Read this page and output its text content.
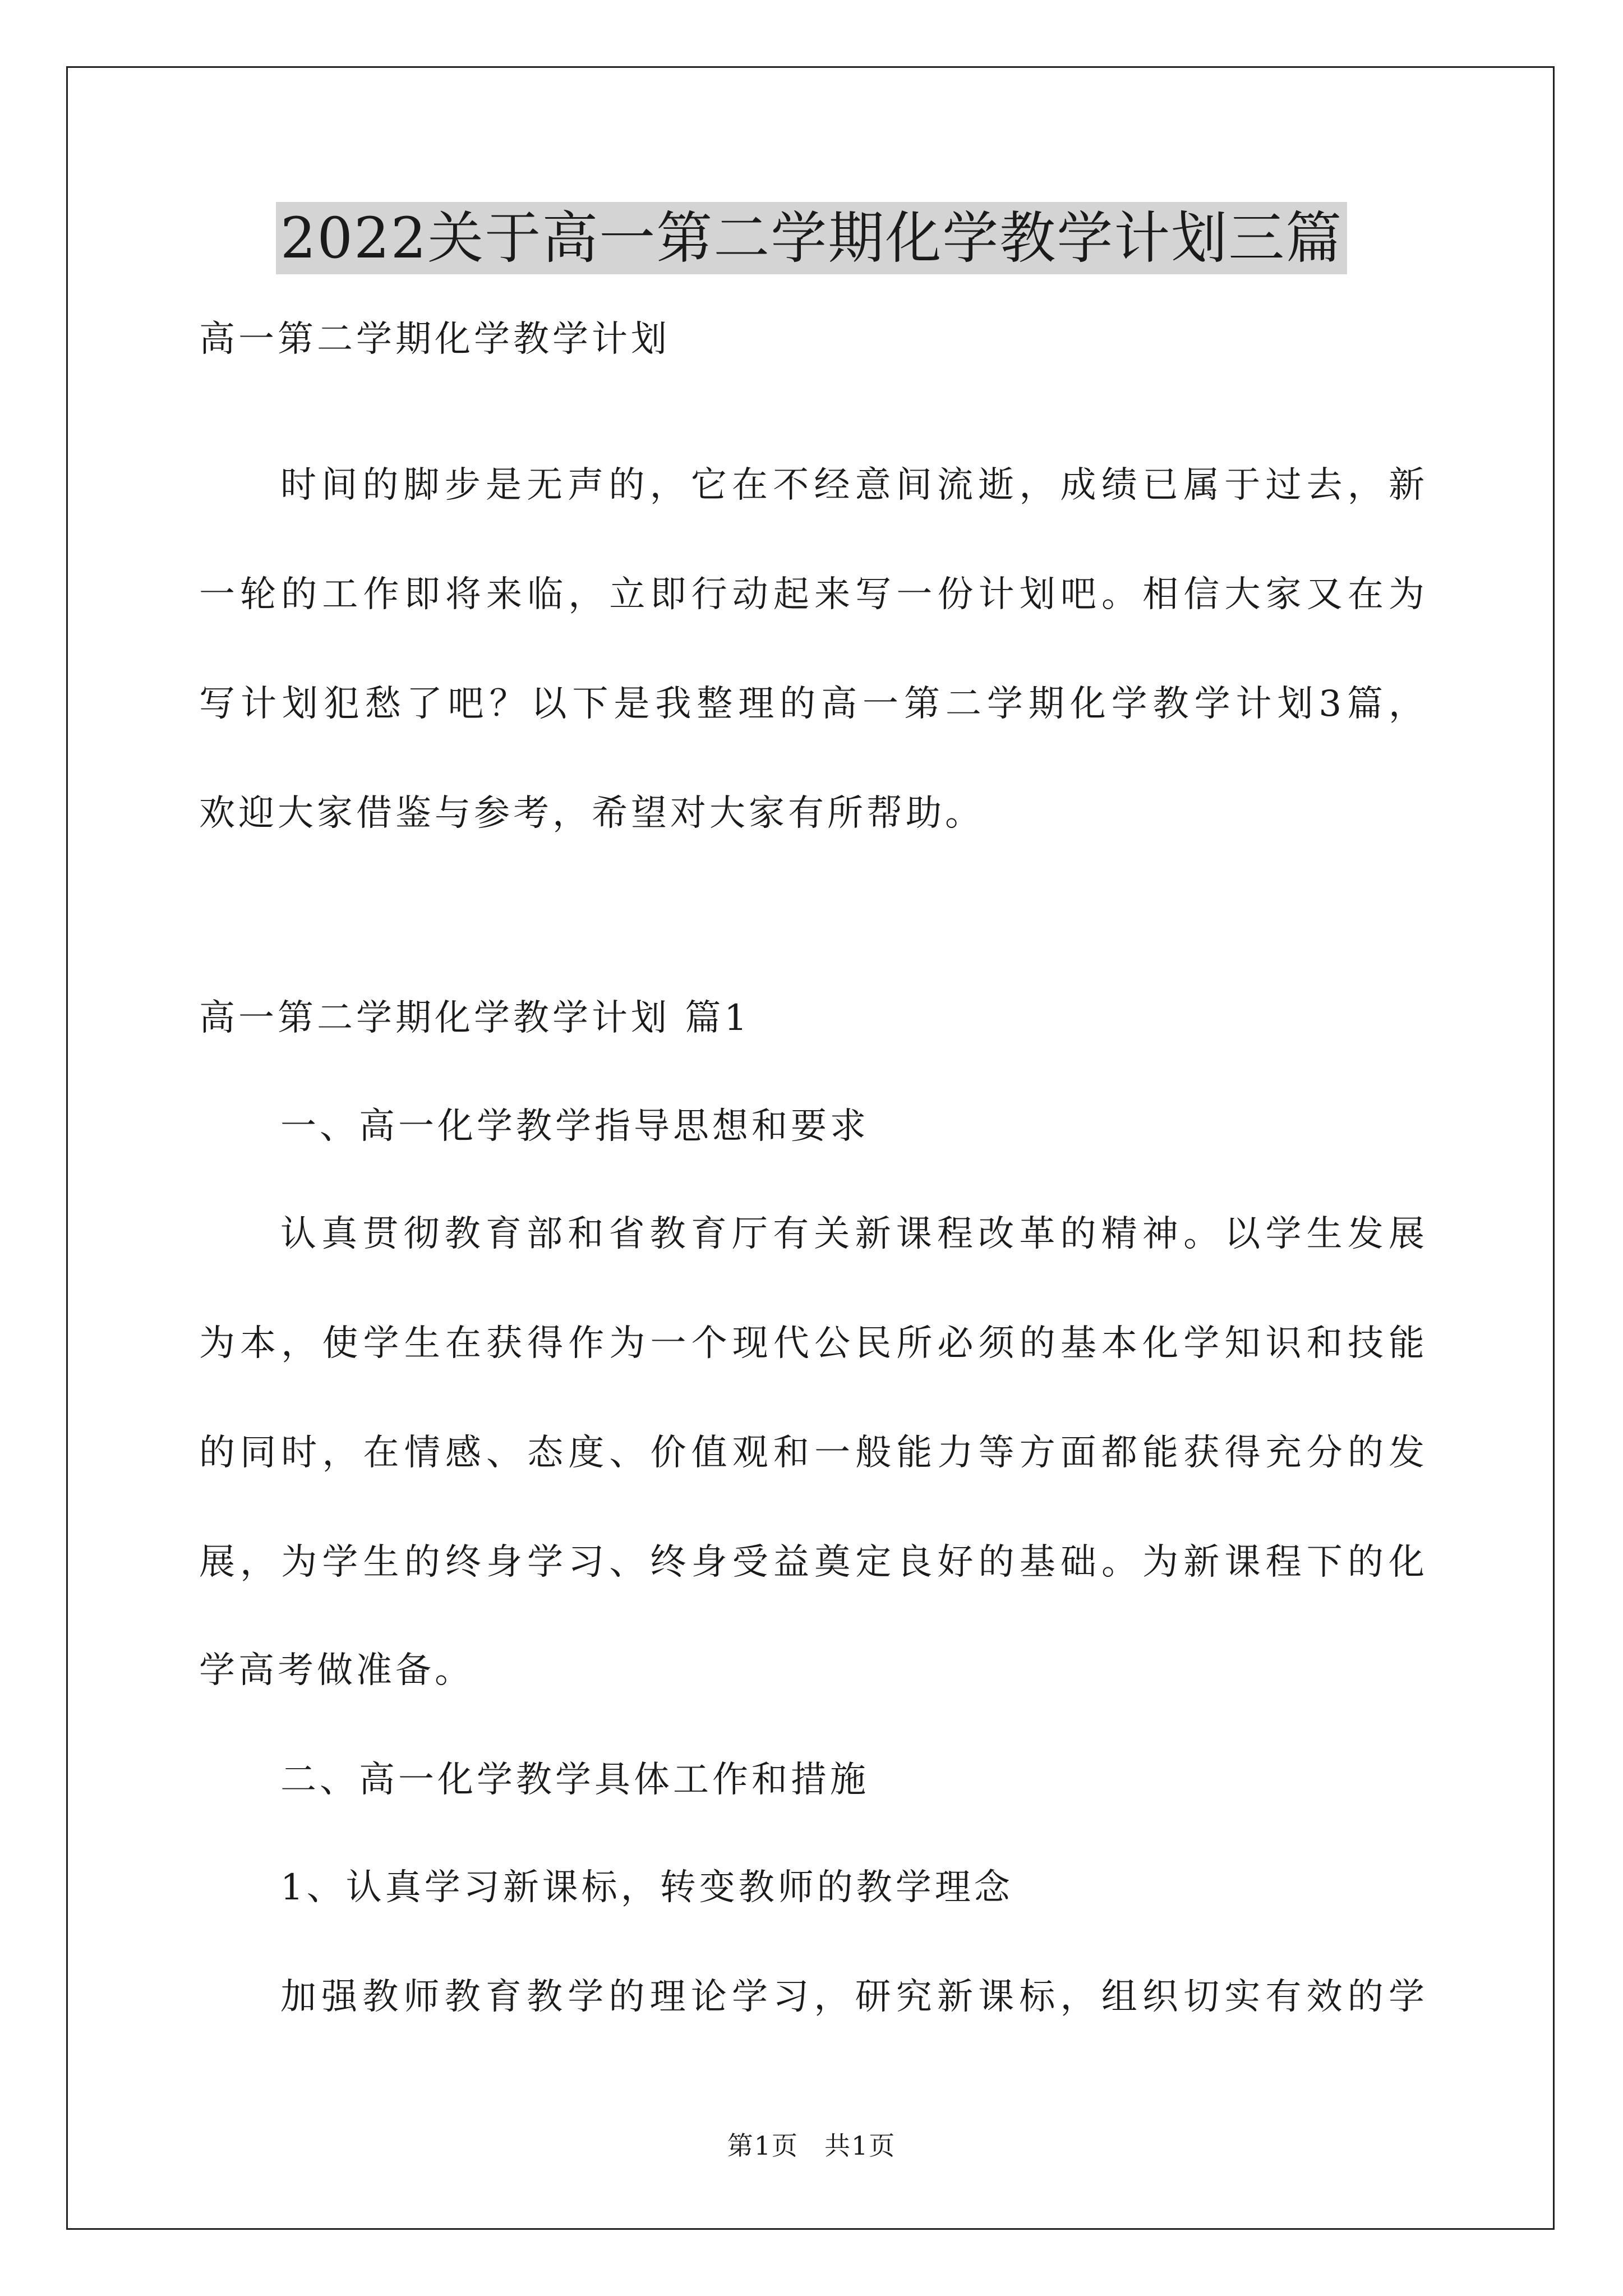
2022关于高一第二学期化学教学计划三篇
高一第二学期化学教学计划
时间的脚步是无声的，它在不经意间流逝，成绩已属于过去，新
一轮的工作即将来临，立即行动起来写一份计划吧。相信大家又在为
写计划犯愁了吧？以下是我整理的高一第二学期化学教学计划3篇，
欢迎大家借鉴与参考，希望对大家有所帮助。
高一第二学期化学教学计划 篇1
一、高一化学教学指导思想和要求
认真贯彻教育部和省教育厅有关新课程改革的精神。以学生发展
为本，使学生在获得作为一个现代公民所必须的基本化学知识和技能
的同时，在情感、态度、价值观和一般能力等方面都能获得充分的发
展，为学生的终身学习、终身受益奠定良好的基础。为新课程下的化
学高考做准备。
二、高一化学教学具体工作和措施
1、认真学习新课标，转变教师的教学理念
加强教师教育教学的理论学习，研究新课标，组织切实有效的学
第1页 共1页
